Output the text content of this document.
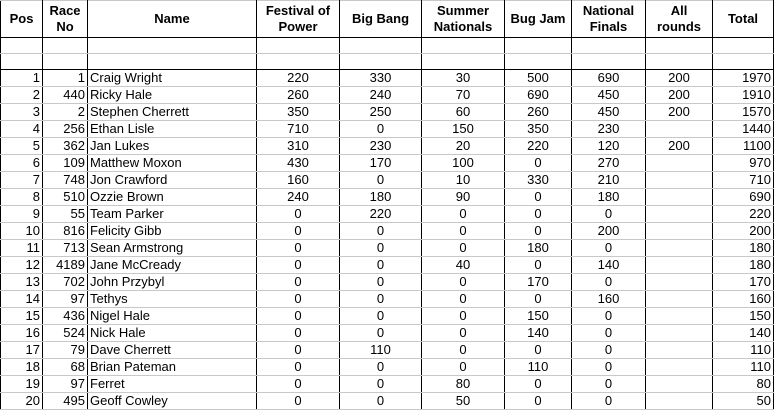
Pos	Race No	Name	Festival of Power	Big Bang	Summer Nationals	Bug Jam	National Finals	All rounds	Total

1	1	Craig Wright	220	330	30	500	690	200	1970
2	440	Ricky Hale	260	240	70	690	450	200	1910
3	2	Stephen Cherrett	350	250	60	260	450	200	1570
4	256	Ethan Lisle	710	0	150	350	230		1440
5	362	Jan Lukes	310	230	20	220	120	200	1100
6	109	Matthew Moxon	430	170	100	0	270		970
7	748	Jon Crawford	160	0	10	330	210		710
8	510	Ozzie Brown	240	180	90	0	180		690
9	55	Team Parker	0	220	0	0	0		220
10	816	Felicity Gibb	0	0	0	0	200		200
11	713	Sean Armstrong	0	0	0	180	0		180
12	4189	Jane McCready	0	0	40	0	140		180
13	702	John Przybyl	0	0	0	170	0		170
14	97	Tethys	0	0	0	0	160		160
15	436	Nigel Hale	0	0	0	150	0		150
16	524	Nick Hale	0	0	0	140	0		140
17	79	Dave Cherrett	0	110	0	0	0		110
18	68	Brian Pateman	0	0	0	110	0		110
19	97	Ferret	0	0	80	0	0		80
20	495	Geoff Cowley	0	0	50	0	0		50
